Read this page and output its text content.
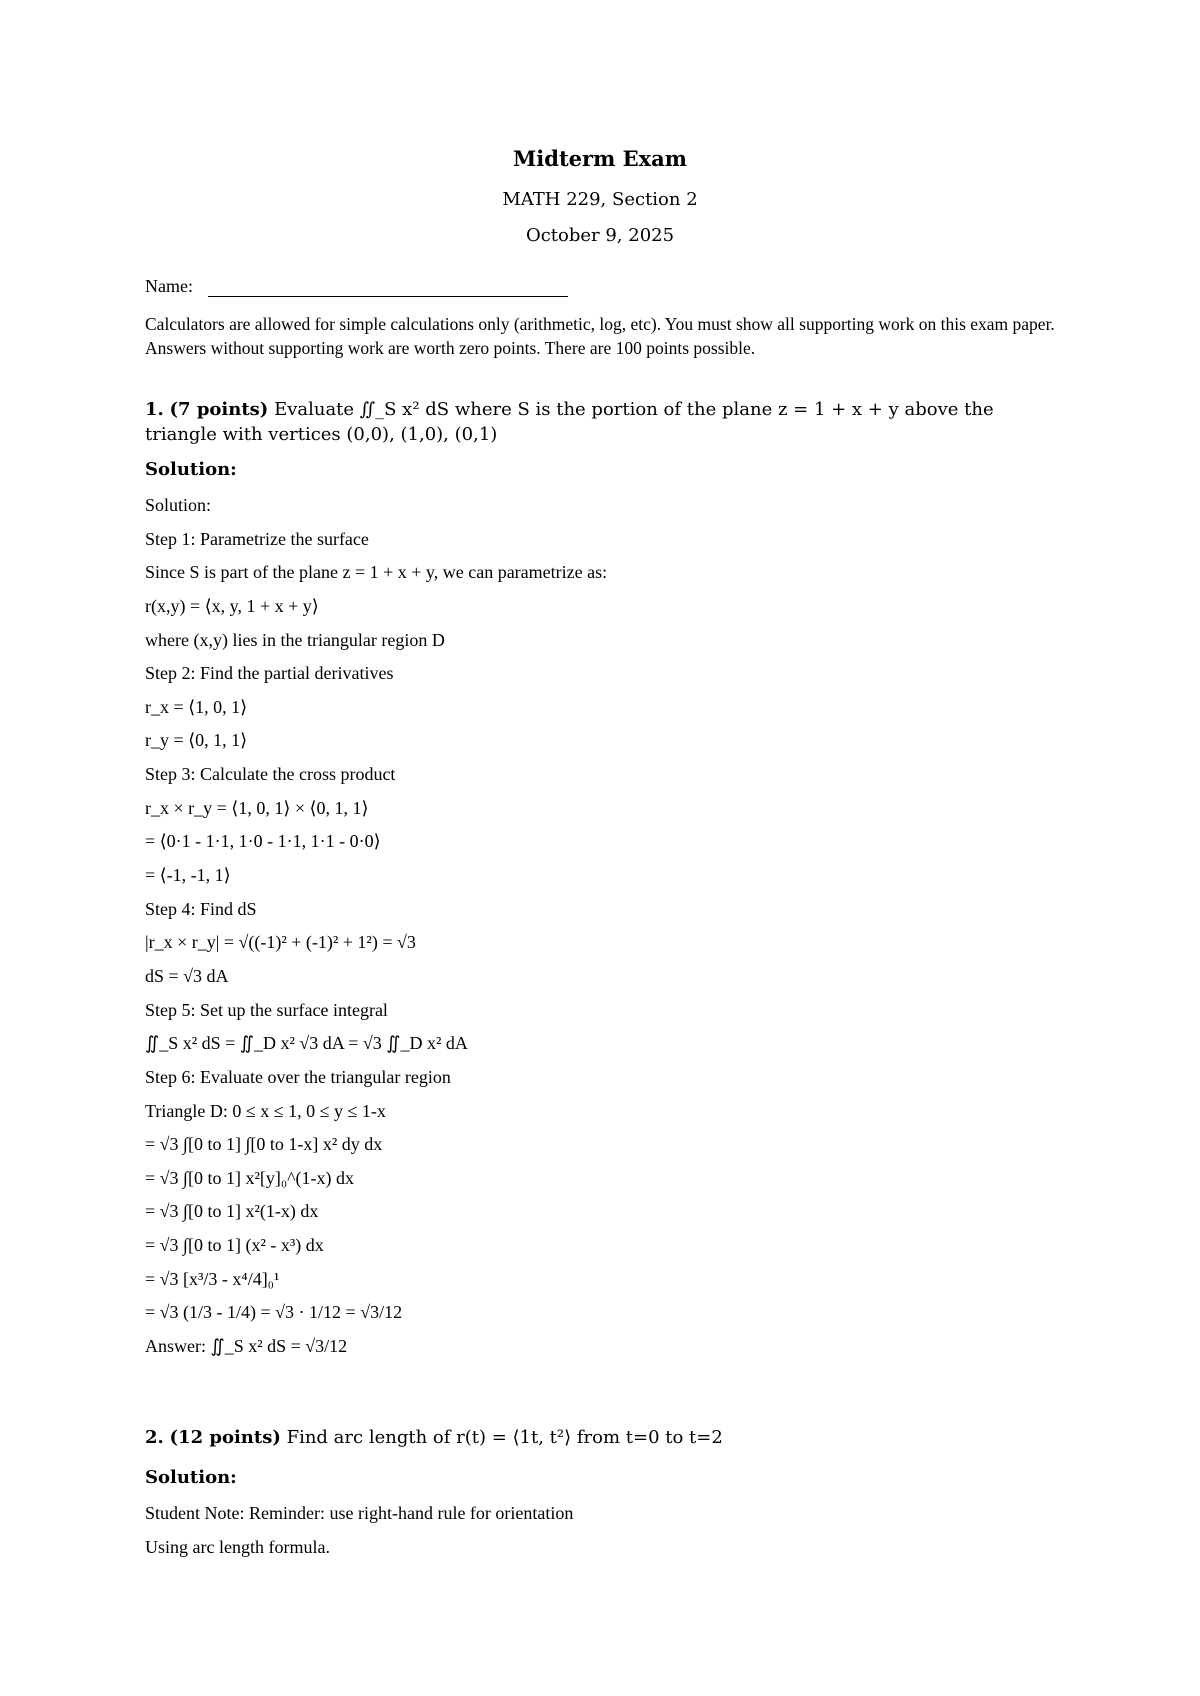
Midterm Exam
MATH 229, Section 2
October 9, 2025
Name:
Calculators are allowed for simple calculations only (arithmetic, log, etc). You must show all supporting work on this exam paper. Answers without supporting work are worth zero points. There are 100 points possible.
1. (7 points) Evaluate ∬_S x² dS where S is the portion of the plane z = 1 + x + y above the triangle with vertices (0,0), (1,0), (0,1)
Solution:
Solution:
Step 1: Parametrize the surface
Since S is part of the plane z = 1 + x + y, we can parametrize as:
r(x,y) = ⟨x, y, 1 + x + y⟩
where (x,y) lies in the triangular region D
Step 2: Find the partial derivatives
r_x = ⟨1, 0, 1⟩
r_y = ⟨0, 1, 1⟩
Step 3: Calculate the cross product
r_x × r_y = ⟨1, 0, 1⟩ × ⟨0, 1, 1⟩
= ⟨0·1 - 1·1, 1·0 - 1·1, 1·1 - 0·0⟩
= ⟨-1, -1, 1⟩
Step 4: Find dS
|r_x × r_y| = √((-1)² + (-1)² + 1²) = √3
dS = √3 dA
Step 5: Set up the surface integral
∬_S x² dS = ∬_D x² √3 dA = √3 ∬_D x² dA
Step 6: Evaluate over the triangular region
Triangle D: 0 ≤ x ≤ 1, 0 ≤ y ≤ 1-x
= √3 ∫[0 to 1] ∫[0 to 1-x] x² dy dx
= √3 ∫[0 to 1] x²[y]₀^(1-x) dx
= √3 ∫[0 to 1] x²(1-x) dx
= √3 ∫[0 to 1] (x² - x³) dx
= √3 [x³/3 - x⁴/4]₀¹
= √3 (1/3 - 1/4) = √3 · 1/12 = √3/12
Answer: ∬_S x² dS = √3/12
2. (12 points) Find arc length of r(t) = ⟨1t, t²⟩ from t=0 to t=2
Solution:
Student Note: Reminder: use right-hand rule for orientation
Using arc length formula.
